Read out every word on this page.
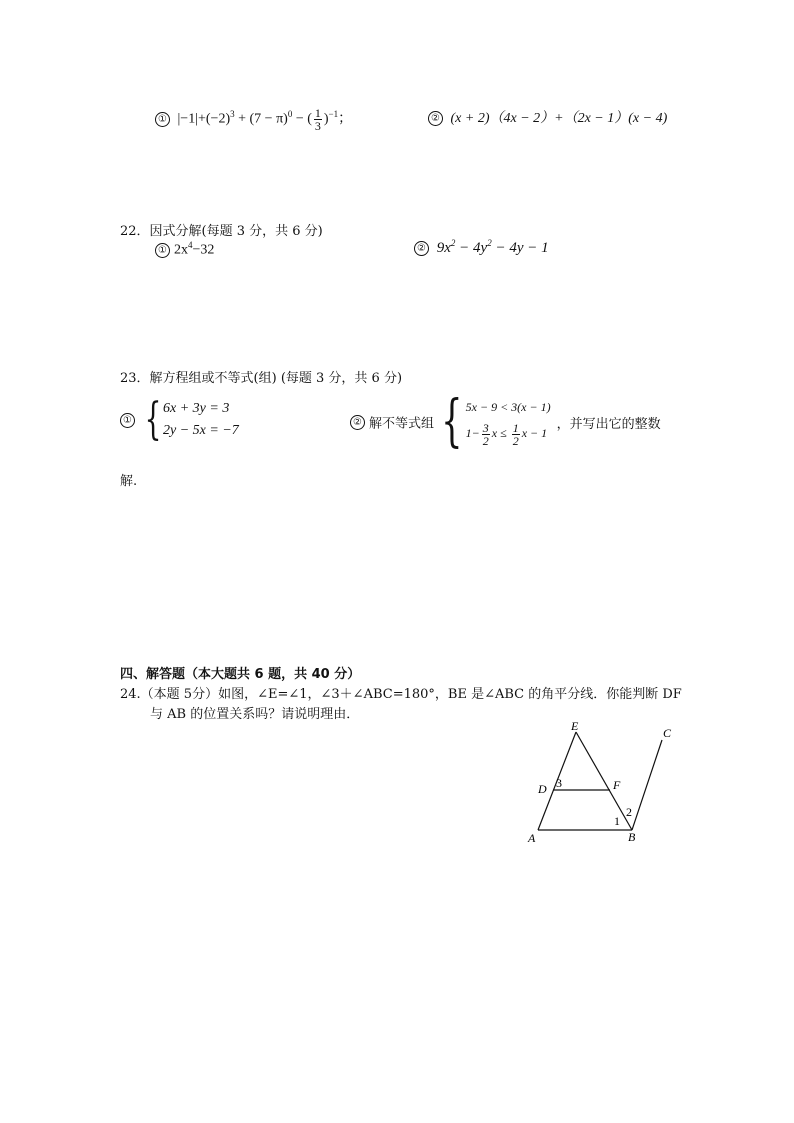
① $|-1|+(-2)^3 + (7 - \pi)^0$ − ( $\frac{1}{3} )^{-1}$；	② (x + 2)（4x − 2）+（2x − 1）(x − 4)
22．因式分解(每题 3 分，共 6 分)
① $2x^4-32$	② $9x^2 - 4y^2 - 4y - 1$
23．解方程组或不等式(组) (每题 3 分，共 6 分)
① { 6x + 3y = 3
2y − 5x = −7
② 解不等式组 { 5x − 9 < 3(x − 1)
$1- \frac{3}{2}$ $x \le \frac{1}{2}$ x − 1
，并写出它的整数
解.
四、解答题（本大题共 6 题，共 40 分）
24.（本题 5分）如图，∠E=∠1，∠3＋∠ABC=180°，BE 是∠ABC 的角平分线．你能判断 DF
与 AB 的位置关系吗？请说明理由．
E	C
D 3	F
2
1
A	B
